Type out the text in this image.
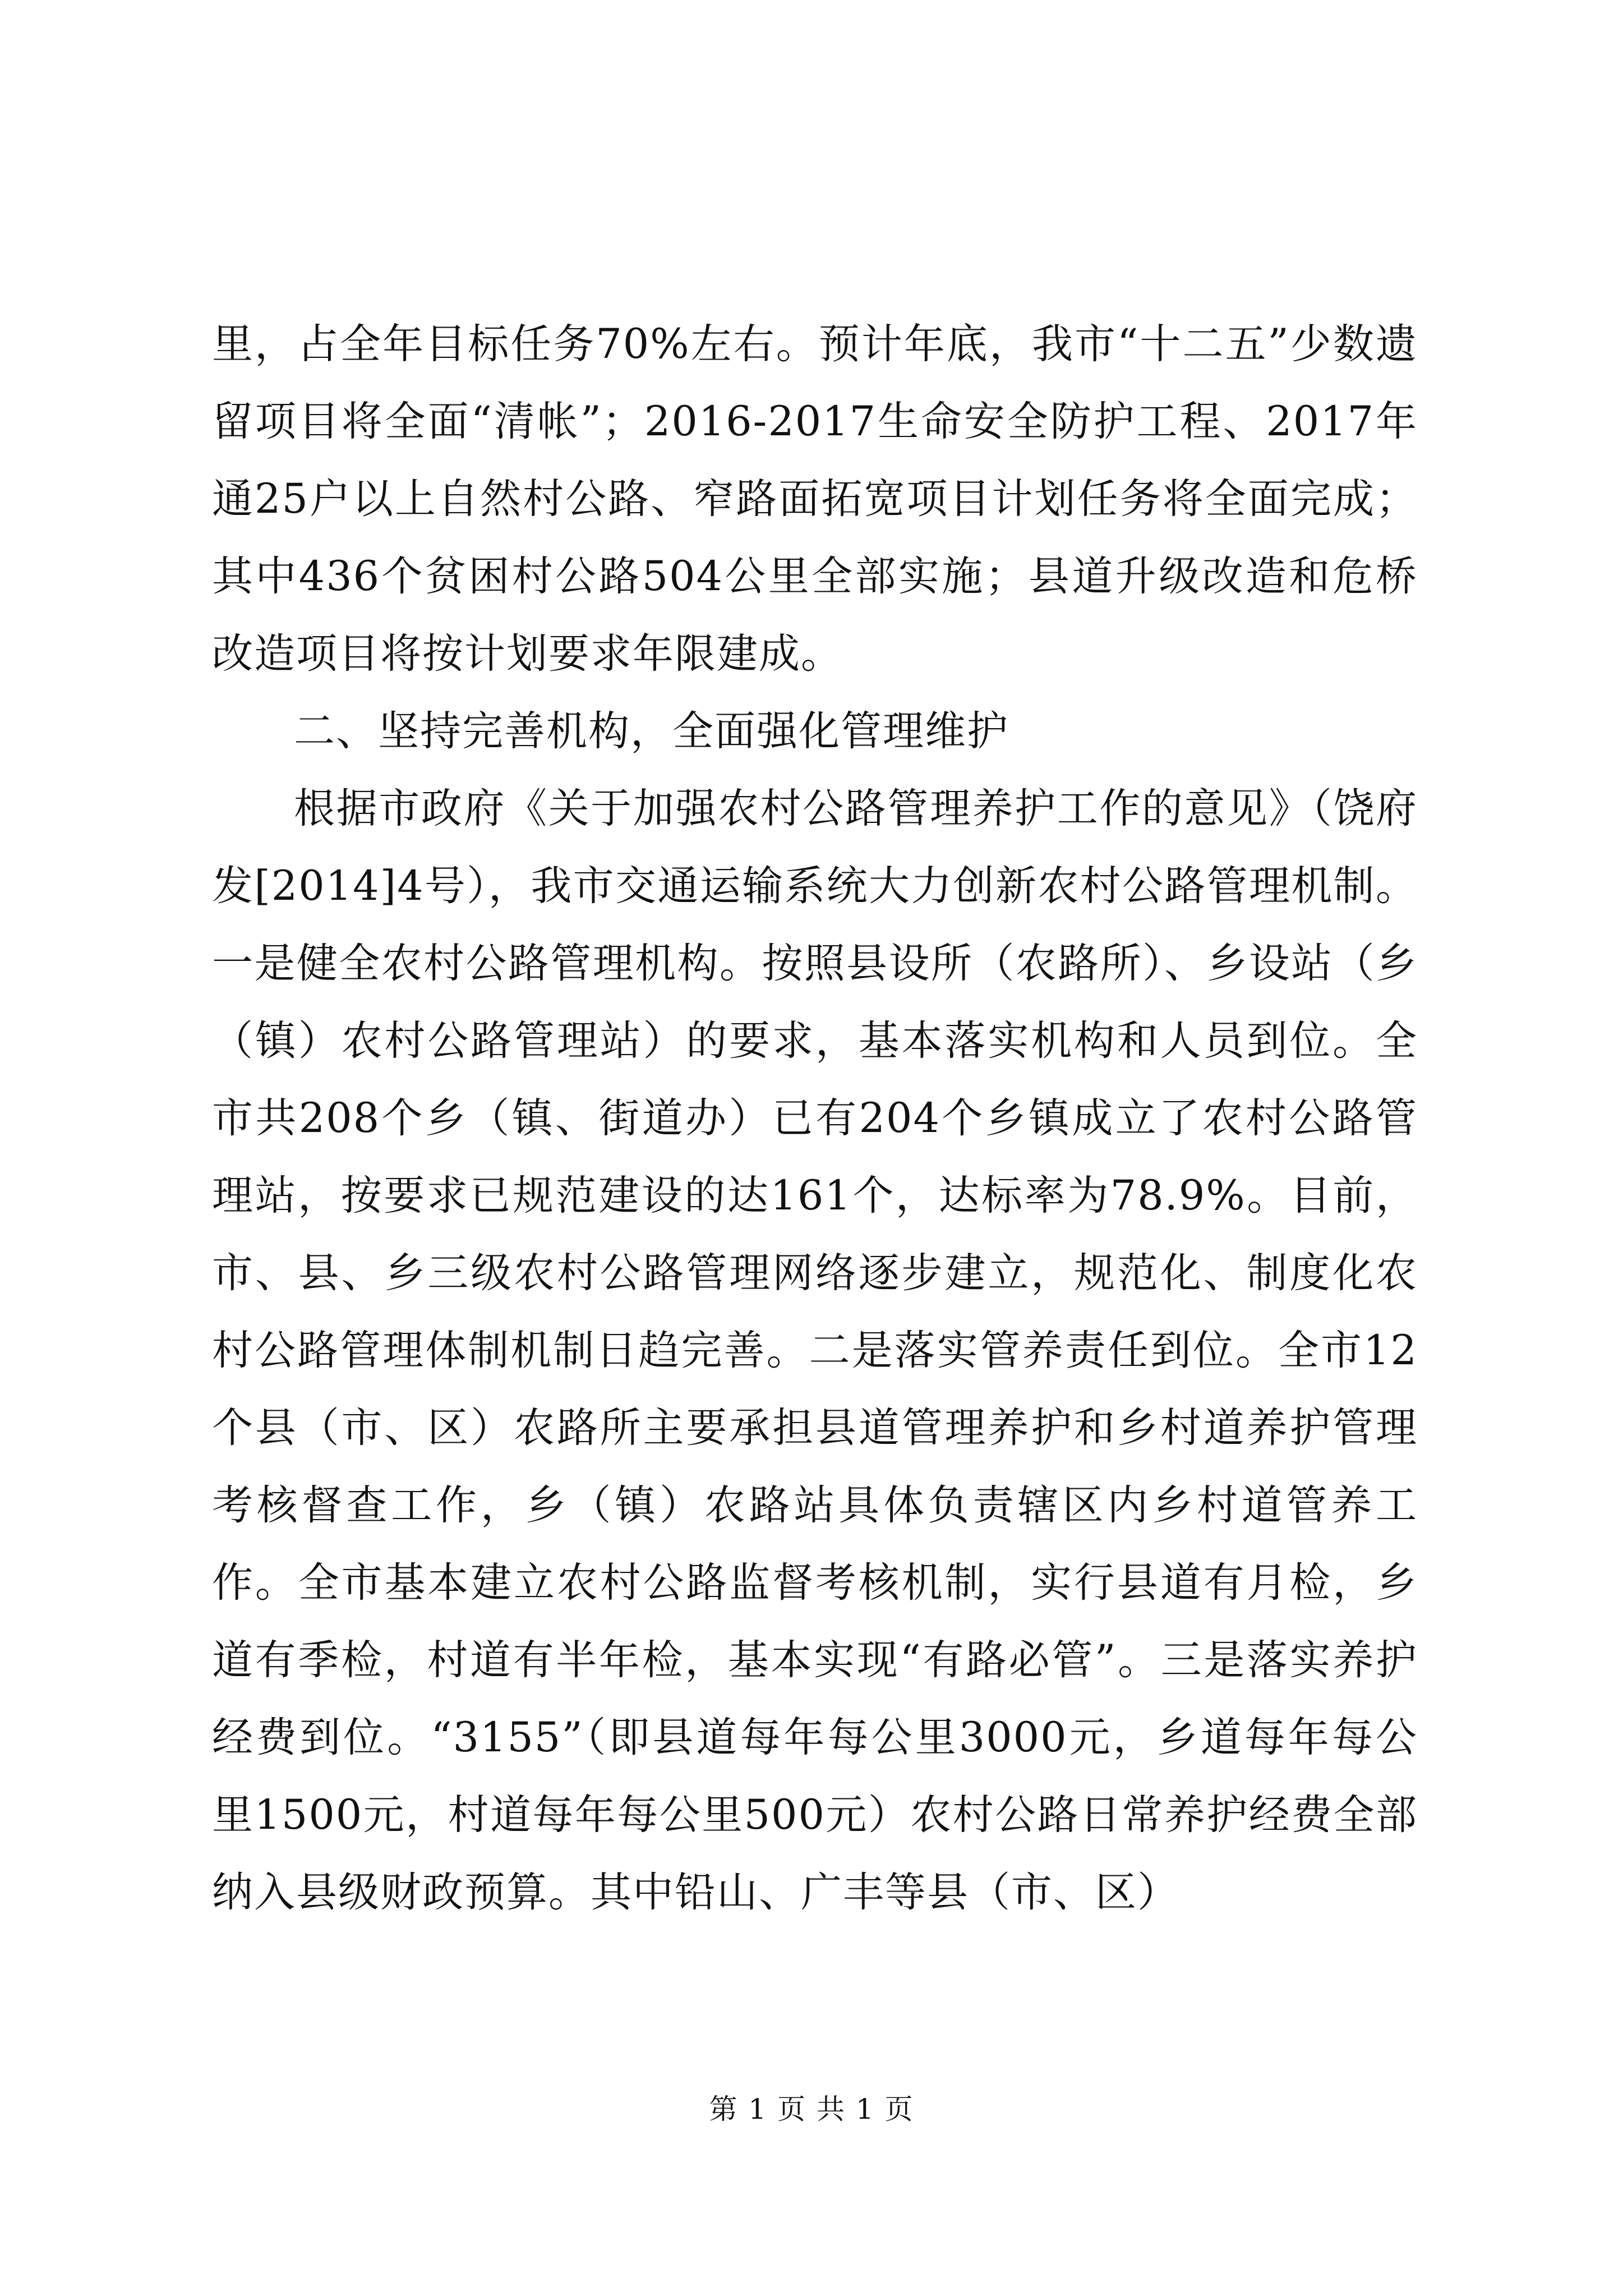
里，占全年目标任务70%左右。预计年底，我市“十二五”少数遗留项目将全面“清帐”；2016-2017生命安全防护工程、2017年通25户以上自然村公路、窄路面拓宽项目计划任务将全面完成；其中436个贫困村公路504公里全部实施；县道升级改造和危桥改造项目将按计划要求年限建成。

二、坚持完善机构，全面强化管理维护

根据市政府《关于加强农村公路管理养护工作的意见》（饶府发[2014]4号），我市交通运输系统大力创新农村公路管理机制。一是健全农村公路管理机构。按照县设所（农路所）、乡设站（乡（镇）农村公路管理站）的要求，基本落实机构和人员到位。全市共208个乡（镇、街道办）已有204个乡镇成立了农村公路管理站，按要求已规范建设的达161个，达标率为78.9%。目前，市、县、乡三级农村公路管理网络逐步建立，规范化、制度化农村公路管理体制机制日趋完善。二是落实管养责任到位。全市12个县（市、区）农路所主要承担县道管理养护和乡村道养护管理考核督查工作，乡（镇）农路站具体负责辖区内乡村道管养工作。全市基本建立农村公路监督考核机制，实行县道有月检，乡道有季检，村道有半年检，基本实现“有路必管”。三是落实养护经费到位。“3155”（即县道每年每公里3000元，乡道每年每公里1500元，村道每年每公里500元）农村公路日常养护经费全部纳入县级财政预算。其中铅山、广丰等县（市、区）

第 1 页 共 1 页
